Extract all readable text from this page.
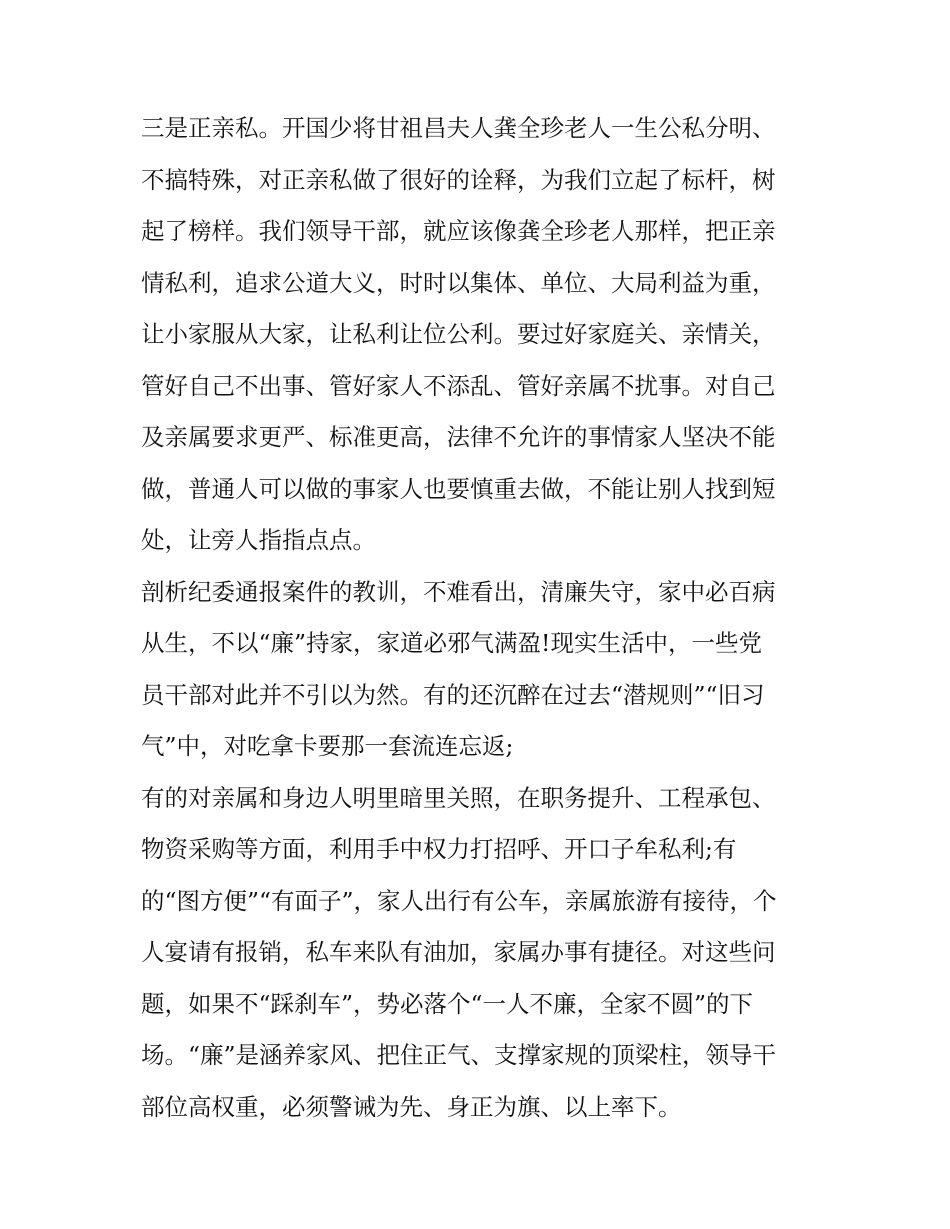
三是正亲私。开国少将甘祖昌夫人龚全珍老人一生公私分明、
不搞特殊，对正亲私做了很好的诠释，为我们立起了标杆，树
起了榜样。我们领导干部，就应该像龚全珍老人那样，把正亲
情私利，追求公道大义，时时以集体、单位、大局利益为重，
让小家服从大家，让私利让位公利。要过好家庭关、亲情关，
管好自己不出事、管好家人不添乱、管好亲属不扰事。对自己
及亲属要求更严、标准更高，法律不允许的事情家人坚决不能
做，普通人可以做的事家人也要慎重去做，不能让别人找到短
处，让旁人指指点点。
剖析纪委通报案件的教训，不难看出，清廉失守，家中必百病
从生，不以“廉”持家，家道必邪气满盈!现实生活中，一些党
员干部对此并不引以为然。有的还沉醉在过去“潜规则”“旧习
气”中，对吃拿卡要那一套流连忘返;
有的对亲属和身边人明里暗里关照，在职务提升、工程承包、
物资采购等方面，利用手中权力打招呼、开口子牟私利;有
的“图方便”“有面子”，家人出行有公车，亲属旅游有接待，个
人宴请有报销，私车来队有油加，家属办事有捷径。对这些问
题，如果不“踩刹车”，势必落个“一人不廉，全家不圆”的下
场。“廉”是涵养家风、把住正气、支撑家规的顶梁柱，领导干
部位高权重，必须警诫为先、身正为旗、以上率下。
